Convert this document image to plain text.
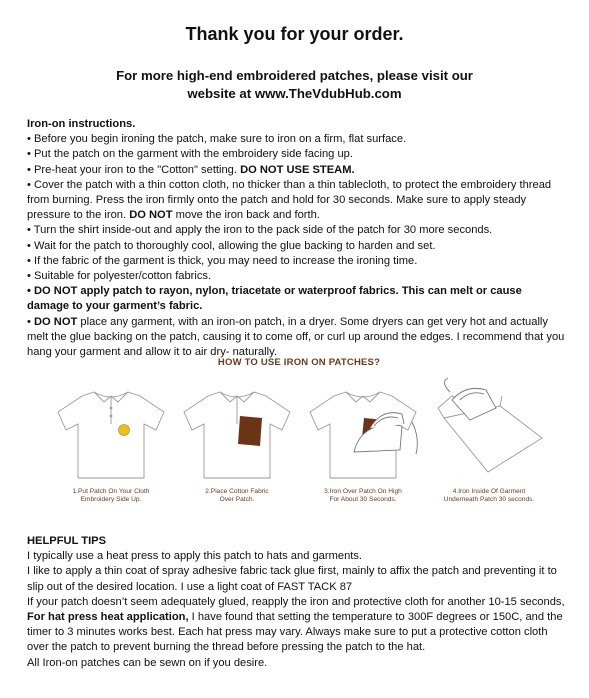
Thank you for your order.
For more high-end embroidered patches, please visit our
website at www.TheVdubHub.com

Iron-on instructions.

• Before you begin ironing the patch, make sure to iron on a firm, flat surface.

• Put the patch on the garment with the embroidery side facing up.

• Pre-heat your iron to the "Cotton" setting. DO NOT USE STEAM.

• Cover the patch with a thin cotton cloth, no thicker than a thin tablecloth, to protect the embroidery thread from burning. Press the iron firmly onto the patch and hold for 30 seconds. Make sure to apply steady pressure to the iron. DO NOT move the iron back and forth.

• Turn the shirt inside-out and apply the iron to the pack side of the patch for 30 more seconds.

• Wait for the patch to thoroughly cool, allowing the glue backing to harden and set.

• If the fabric of the garment is thick, you may need to increase the ironing time.

• Suitable for polyester/cotton fabrics.

• DO NOT apply patch to rayon, nylon, triacetate or waterproof fabrics. This can melt or cause damage to your garment’s fabric.

• DO NOT place any garment, with an iron-on patch, in a dryer. Some dryers can get very hot and actually melt the glue backing on the patch, causing it to come off, or curl up around the edges. I recommend that you hang your garment and allow it to air dry- naturally.

HOW TO USE IRON ON PATCHES?
1.Put Patch On Your Cloth
Embroidery Side Up.
2.Place Cotton Fabric
Over Patch.
3.Iron Over Patch On High
For About 30 Seconds.
4.Iron Inside Of Garment
Underneath Patch 30 seconds.

HELPFUL TIPS

I typically use a heat press to apply this patch to hats and garments.

I like to apply a thin coat of spray adhesive fabric tack glue first, mainly to affix the patch and preventing it to slip out of the desired location. I use a light coat of FAST TACK 87

If your patch doesn’t seem adequately glued, reapply the iron and protective cloth for another 10-15 seconds,

For hat press heat application, I have found that setting the temperature to 300F degrees or 150C, and the timer to 3 minutes works best. Each hat press may vary. Always make sure to put a protective cotton cloth over the patch to prevent burning the thread before pressing the patch to the hat.

All Iron-on patches can be sewn on if you desire.
